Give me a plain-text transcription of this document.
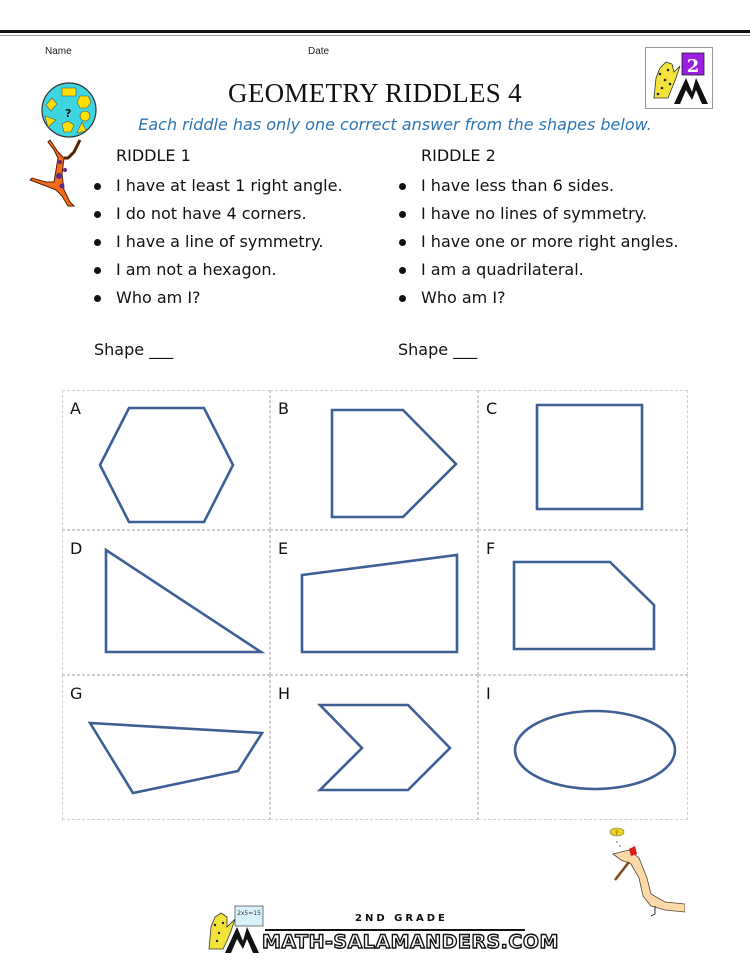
Name	Date
?
GEOMETRY RIDDLES 4
Each riddle has only one correct answer from the shapes below.
2
RIDDLE 1
I have at least 1 right angle.
I do not have 4 corners.
I have a line of symmetry.
I am not a hexagon.
Who am I?
Shape ___
RIDDLE 2
I have less than 6 sides.
I have no lines of symmetry.
I have one or more right angles.
I am a quadrilateral.
Who am I?
Shape ___
A	B	C
D	E	F
G	H	I
?
2x5=15	2ND GRADE
MATH-SALAMANDERS.COM
